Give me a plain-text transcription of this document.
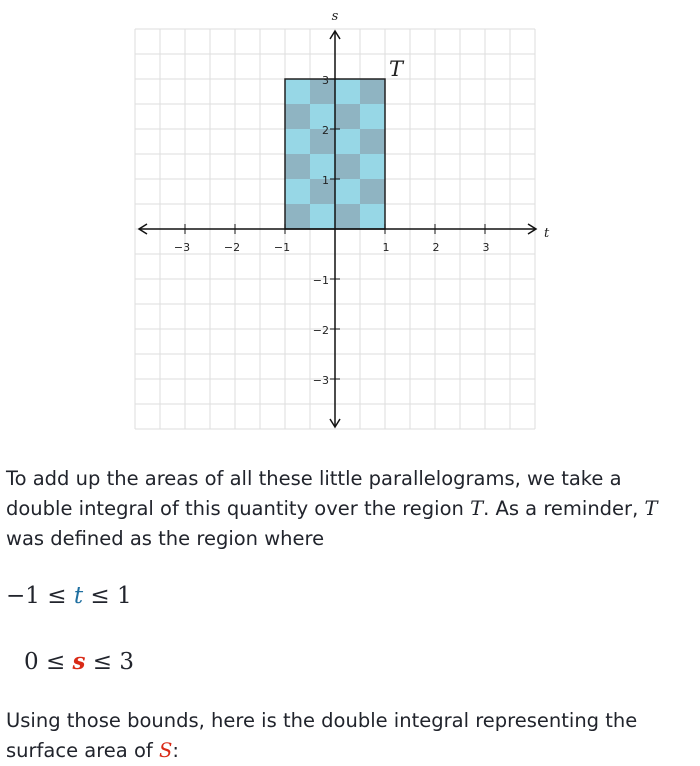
−3	−2	−1	1	2	3
3
2
1
−1
−2
−3
t
s
T

To add up the areas of all these little parallelograms, we take a double integral of this quantity over the region T. As a reminder, T was defined as the region where

−1 ≤ t ≤ 1
0 ≤ s ≤ 3

Using those bounds, here is the double integral representing the surface area of S:
